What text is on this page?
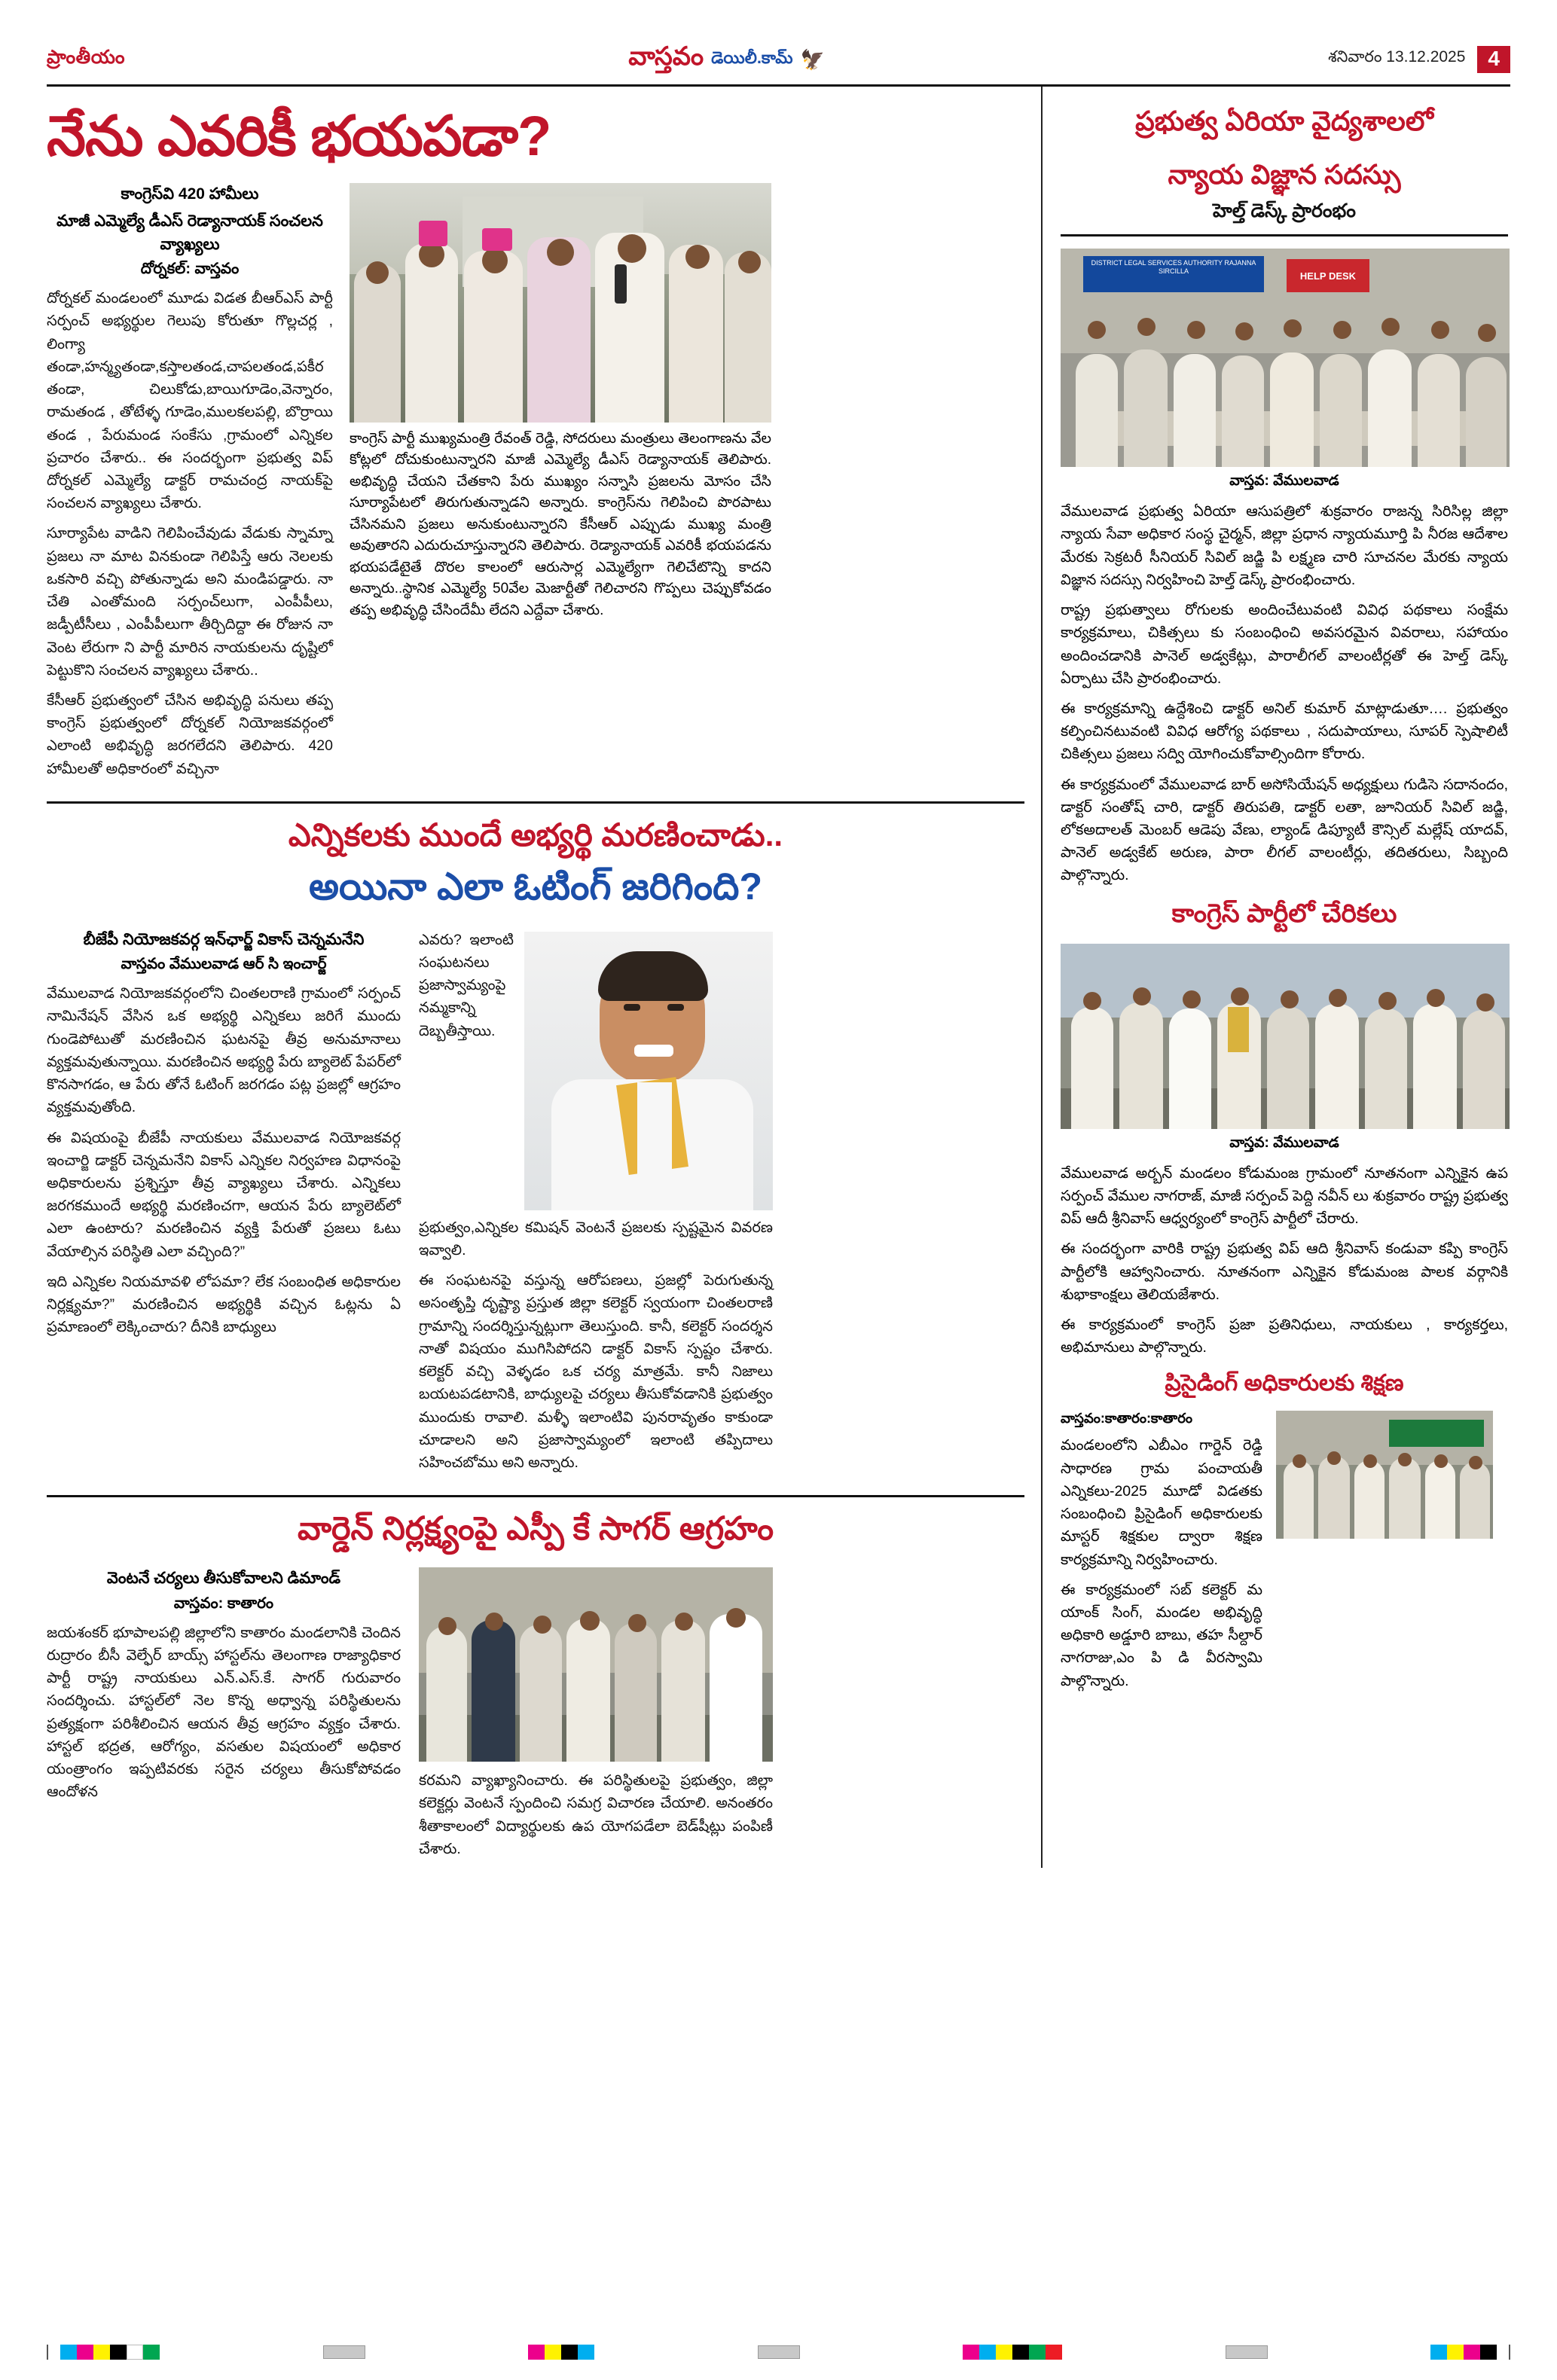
ప్రాంతీయం	వాస్తవం డెయిలీ.కామ్ 🦅	శనివారం 13.12.2025	4
నేను ఎవరికీ భయపడా?
కాంగ్రెస్‌వి 420 హామీలు
మాజీ ఎమ్మెల్యే డీఎస్ రెడ్యానాయక్ సంచలన వ్యాఖ్యలు
దోర్నకల్: వాస్తవం

దోర్నకల్ మండలంలో మూడు విడత బీఆర్ఎస్ పార్టీ సర్పంచ్ అభ్యర్థుల గెలుపు కోరుతూ గొల్లచర్ల , లింగ్యా తండా,హన్మ్యతండా,కస్తాలతండ,చాపలతండ,పకీర తండా, చిలుకోడు,బాయిగూడెం,వెన్నారం, రామతండ , తోటేళ్ళ గూడెం,ములకలపల్లి, బొర్రాయి తండ , పేరుమండ సంకేసు ,గ్రామంలో ఎన్నికల ప్రచారం చేశారు.. ఈ సందర్భంగా ప్రభుత్వ విప్ దోర్నకల్ ఎమ్మెల్యే డాక్టర్ రామచంద్ర నాయక్‌పై సంచలన వ్యాఖ్యలు చేశారు.

సూర్యాపేట వాడిని గెలిపించేవుడు వేడుకు స్నామ్నా ప్రజలు నా మాట వినకుండా గెలిపిస్తే ఆరు నెలలకు ఒకసారి వచ్చి పోతున్నాడు అని మండిపడ్డారు. నా చేతి ఎంతోమంది సర్పంచ్‌లుగా, ఎంపీపీలు, జడ్పీటీసీలు , ఎంపీపీలుగా తీర్చిదిద్దా ఈ రోజున నా వెంట లేరుగా ని పార్టీ మారిన నాయకులను దృష్టిలో పెట్టుకొని సంచలన వ్యాఖ్యలు చేశారు..

కేసీఆర్ ప్రభుత్వంలో చేసిన అభివృద్ధి పనులు తప్ప కాంగ్రెస్ ప్రభుత్వంలో దోర్నకల్ నియోజకవర్గంలో ఎలాంటి అభివృద్ధి జరగలేదని తెలిపారు. 420 హామీలతో అధికారంలో వచ్చినా

కాంగ్రెస్ పార్టీ ముఖ్యమంత్రి రేవంత్ రెడ్డి, సోదరులు మంత్రులు తెలంగాణను వేల కోట్లలో దోచుకుంటున్నారని మాజీ ఎమ్మెల్యే డీఎస్ రెడ్యానాయక్ తెలిపారు. అభివృద్ధి చేయని చేతకాని పేరు ముఖ్యం సన్నాసి ప్రజలను మోసం చేసి సూర్యాపేటలో తిరుగుతున్నాడని అన్నారు. కాంగ్రెస్‌ను గెలిపించి పొరపాటు చేసినమని ప్రజలు అనుకుంటున్నారని కేసీఆర్ ఎప్పుడు ముఖ్య మంత్రి అవుతారని ఎదురుచూస్తున్నారని తెలిపారు. రెడ్యానాయక్ ఎవరికీ భయపడను భయపడేటైతే దొరల కాలంలో ఆరుసార్ల ఎమ్మెల్యేగా గెలిచేటొన్ని కాదని అన్నారు..స్థానిక ఎమ్మెల్యే 50వేల మెజార్టీతో గెలిచారని గొప్పలు చెప్పుకోవడం తప్ప అభివృద్ధి చేసిందేమీ లేదని ఎద్దేవా చేశారు.
ఎన్నికలకు ముందే అభ్యర్థి మరణించాడు..
అయినా ఎలా ఓటింగ్ జరిగింది?
బీజేపీ నియోజకవర్గ ఇన్‌ఛార్జ్ వికాస్ చెన్నమనేని
వాస్తవం వేములవాడ ఆర్ సి ఇంచార్జ్

వేములవాడ నియోజకవర్గంలోని చింతలరాణి గ్రామంలో సర్పంచ్ నామినేషన్ వేసిన ఒక అభ్యర్థి ఎన్నికలు జరిగే ముందు గుండెపోటుతో మరణించిన ఘటనపై తీవ్ర అనుమానాలు వ్యక్తమవుతున్నాయి. మరణించిన అభ్యర్థి పేరు బ్యాలెట్ పేపర్‌లో కొనసాగడం, ఆ పేరు తోనే ఓటింగ్ జరగడం పట్ల ప్రజల్లో ఆగ్రహం వ్యక్తమవుతోంది.

ఈ విషయంపై బీజేపీ నాయకులు వేములవాడ నియోజకవర్గ ఇంచార్జి డాక్టర్ చెన్నమనేని వికాస్ ఎన్నికల నిర్వహణ విధానంపై అధికారులను ప్రశ్నిస్తూ తీవ్ర వ్యాఖ్యలు చేశారు. ఎన్నికలు జరగకముందే అభ్యర్థి మరణించగా, ఆయన పేరు బ్యాలెట్‌లో ఎలా ఉంటారు? మరణించిన వ్యక్తి పేరుతో ప్రజలు ఓటు వేయాల్సిన పరిస్థితి ఎలా వచ్చింది?”

ఇది ఎన్నికల నియమావళి లోపమా? లేక సంబంధిత అధికారుల నిర్లక్ష్యమా?” మరణించిన అభ్యర్థికి వచ్చిన ఓట్లను ఏ ప్రమాణంలో లెక్కించారు? దీనికి బాధ్యులు

ఎవరు? ఇలాంటి సంఘటనలు ప్రజాస్వామ్యంపై నమ్మకాన్ని దెబ్బతీస్తాయి. ప్రభుత్వం,ఎన్నికల కమిషన్ వెంటనే ప్రజలకు స్పష్టమైన వివరణ ఇవ్వాలి.

ఈ సంఘటనపై వస్తున్న ఆరోపణలు, ప్రజల్లో పెరుగుతున్న అసంతృప్తి దృష్ట్యా ప్రస్తుత జిల్లా కలెక్టర్ స్వయంగా చింతలరాణి గ్రామాన్ని సందర్శిస్తున్నట్లుగా తెలుస్తుంది. కానీ, కలెక్టర్ సందర్శన నాతో విషయం ముగిసిపోదని డాక్టర్ వికాస్ స్పష్టం చేశారు. కలెక్టర్ వచ్చి వెళ్ళడం ఒక చర్య మాత్రమే. కానీ నిజాలు బయటపడటానికి, బాధ్యులపై చర్యలు తీసుకోవడానికి ప్రభుత్వం ముందుకు రావాలి. మళ్ళీ ఇలాంటివి పునరావృతం కాకుండా చూడాలని అని ప్రజాస్వామ్యంలో ఇలాంటి తప్పిదాలు సహించబోము అని అన్నారు.

వార్డెన్ నిర్లక్ష్యంపై ఎస్పీ కే సాగర్ ఆగ్రహం
వెంటనే చర్యలు తీసుకోవాలని డిమాండ్
వాస్తవం: కాతారం

జయశంకర్ భూపాలపల్లి జిల్లాలోని కాతారం మండలానికి చెందిన రుద్రారం బీసీ వెల్ఫేర్ బాయ్స్ హాస్టల్‌ను తెలంగాణ రాజ్యాధికార పార్టీ రాష్ట్ర నాయకులు ఎన్.ఎస్.కే. సాగర్ గురువారం సందర్శించు. హాస్టల్‌లో నెల కొన్న అధ్వాన్న పరిస్థితులను ప్రత్యక్షంగా పరిశీలించిన ఆయన తీవ్ర ఆగ్రహం వ్యక్తం చేశారు. హాస్టల్ భద్రత, ఆరోగ్యం, వసతుల విషయంలో అధికార యంత్రాంగం ఇప్పటివరకు సరైన చర్యలు తీసుకోపోవడం ఆందోళన

కరమని వ్యాఖ్యానించారు. ఈ పరిస్థితులపై ప్రభుత్వం, జిల్లా కలెక్టర్లు వెంటనే స్పందించి సమగ్ర విచారణ చేయాలి. అనంతరం శీతాకాలంలో విద్యార్థులకు ఉప యోగపడేలా బెడ్‌షీట్లు పంపిణీ చేశారు.

ప్రభుత్వ ఏరియా వైద్యశాలలో
న్యాయ విజ్ఞాన సదస్సు
హెల్త్ డెస్క్ ప్రారంభం
DISTRICT LEGAL SERVICES AUTHORITY RAJANNA SIRCILLA	HELP DESK
వాస్తవ: వేములవాడ

వేములవాడ ప్రభుత్వ ఏరియా ఆసుపత్రిలో శుక్రవారం రాజన్న సిరిసిల్ల జిల్లా న్యాయ సేవా అధికార సంస్థ చైర్మన్, జిల్లా ప్రధాన న్యాయమూర్తి పి నీరజ ఆదేశాల మేరకు సెక్రటరీ సీనియర్ సివిల్ జడ్జి పి లక్ష్మణ చారి సూచనల మేరకు న్యాయ విజ్ఞాన సదస్సు నిర్వహించి హెల్త్ డెస్క్ ప్రారంభించారు.

రాష్ట్ర ప్రభుత్వాలు రోగులకు అందించేటువంటి వివిధ పథకాలు సంక్షేమ కార్యక్రమాలు, చికిత్సలు కు సంబంధించి అవసరమైన వివరాలు, సహాయం అందించడానికి పానెల్ అడ్వకేట్లు, పారాలీగల్ వాలంటీర్లతో ఈ హెల్త్ డెస్క్ ఏర్పాటు చేసి ప్రారంభించారు.

ఈ కార్యక్రమాన్ని ఉద్దేశించి డాక్టర్ అనిల్ కుమార్ మాట్లాడుతూ…. ప్రభుత్వం కల్పించినటువంటి వివిధ ఆరోగ్య పథకాలు , సదుపాయాలు, సూపర్ స్పెషాలిటీ చికిత్సలు ప్రజలు సద్వి యోగించుకోవాల్సిందిగా కోరారు.

ఈ కార్యక్రమంలో వేములవాడ బార్ అసోసియేషన్ అధ్యక్షులు గుడిసె సదానందం, డాక్టర్ సంతోష్ చారి, డాక్టర్ తిరుపతి, డాక్టర్ లతా, జూనియర్ సివిల్ జడ్జి, లోకఅదాలత్ మెంబర్ ఆడెపు వేణు, ల్యాండ్ డిప్యూటీ కౌన్సిల్ మల్లేష్ యాదవ్, పానెల్ అడ్వకేట్ అరుణ, పారా లీగల్ వాలంటీర్లు, తదితరులు, సిబ్బంది పాల్గొన్నారు.

కాంగ్రెస్ పార్టీలో చేరికలు
వాస్తవ: వేములవాడ

వేములవాడ అర్బన్ మండలం కోడుమంజ గ్రామంలో నూతనంగా ఎన్నికైన ఉప సర్పంచ్ వేముల నాగరాజ్, మాజీ సర్పంచ్ పెద్ది నవీన్ లు శుక్రవారం రాష్ట్ర ప్రభుత్వ విప్ ఆదీ శ్రీనివాస్ ఆధ్వర్యంలో కాంగ్రెస్ పార్టీలో చేరారు.

ఈ సందర్భంగా వారికి రాష్ట్ర ప్రభుత్వ విప్ ఆది శ్రీనివాస్ కండువా కప్పి కాంగ్రెస్ పార్టీలోకి ఆహ్వానించారు. నూతనంగా ఎన్నికైన కోడుమంజ పాలక వర్గానికి శుభాకాంక్షలు తెలియజేశారు.

ఈ కార్యక్రమంలో కాంగ్రెస్ ప్రజా ప్రతినిధులు, నాయకులు , కార్యకర్తలు, అభిమానులు పాల్గొన్నారు.

ప్రిసైడింగ్ అధికారులకు శిక్షణ
వాస్తవం:కాతారం:కాతారం

మండలంలోని ఎబీఎం గార్డెన్ రెడ్డి సాధారణ గ్రామ పంచాయతీ ఎన్నికలు-2025 మూడో విడతకు సంబంధించి ప్రిసైడింగ్ అధికారులకు మాస్టర్ శిక్షకుల ద్వారా శిక్షణ కార్యక్రమాన్ని నిర్వహించారు.

ఈ కార్యక్రమంలో సబ్ కలెక్టర్ మ యాంక్ సింగ్, మండల అభివృద్ధి అధికారి అడ్డూరి బాబు, తహ సీల్దార్ నాగరాజు,ఎం పి డి వీరస్వామి పాల్గొన్నారు.
